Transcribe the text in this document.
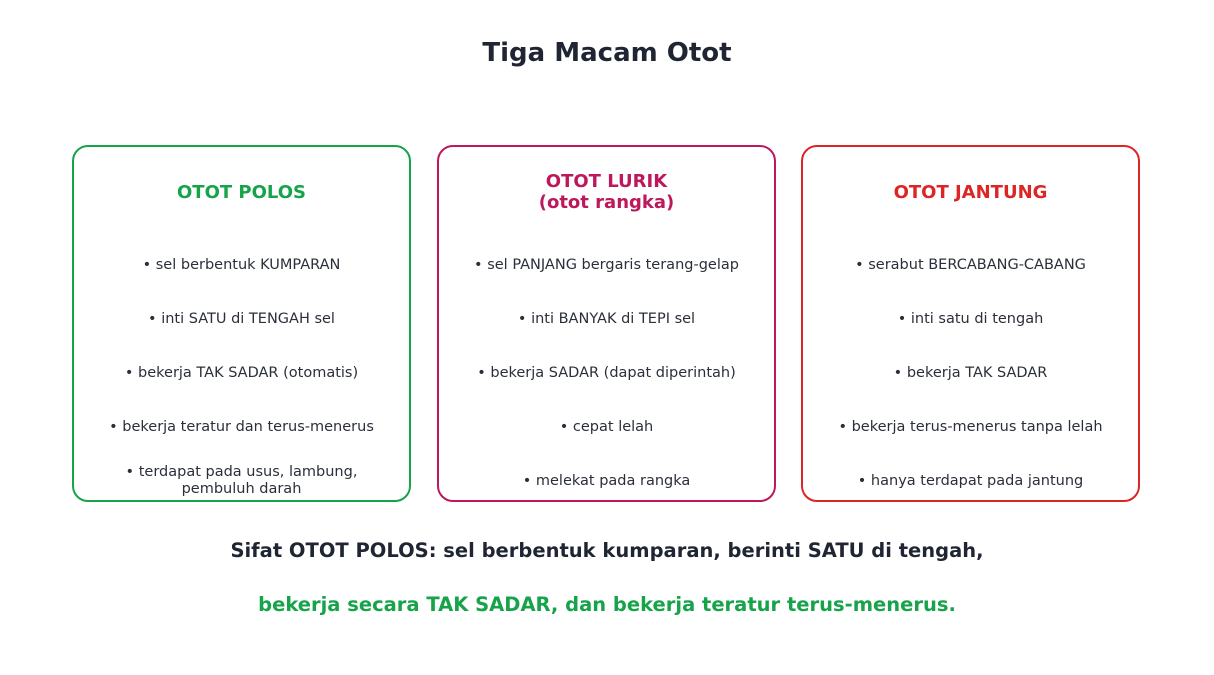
Tiga Macam Otot
OTOT POLOS
• sel berbentuk KUMPARAN
• inti SATU di TENGAH sel
• bekerja TAK SADAR (otomatis)
• bekerja teratur dan terus-menerus
• terdapat pada usus, lambung, pembuluh darah
OTOT LURIK
(otot rangka)
• sel PANJANG bergaris terang-gelap
• inti BANYAK di TEPI sel
• bekerja SADAR (dapat diperintah)
• cepat lelah
• melekat pada rangka
OTOT JANTUNG
• serabut BERCABANG-CABANG
• inti satu di tengah
• bekerja TAK SADAR
• bekerja terus-menerus tanpa lelah
• hanya terdapat pada jantung
Sifat OTOT POLOS: sel berbentuk kumparan, berinti SATU di tengah,
bekerja secara TAK SADAR, dan bekerja teratur terus-menerus.
